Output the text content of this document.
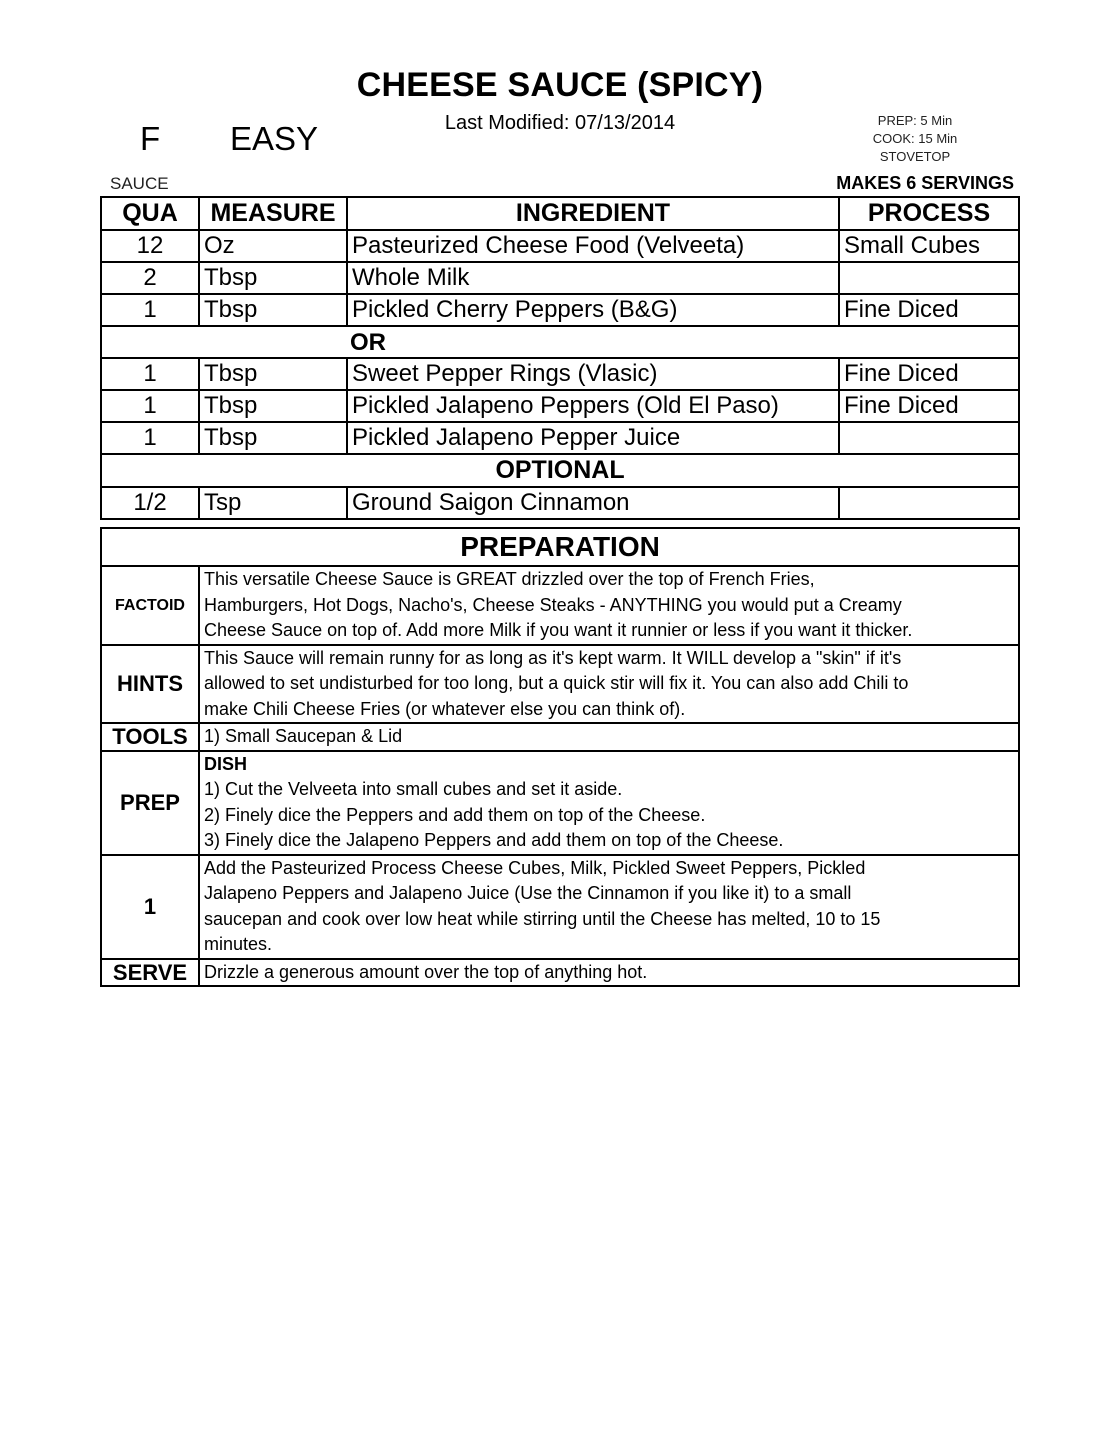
CHEESE SAUCE (SPICY)
Last Modified: 07/13/2014
F EASY	PREP: 5 Min
COOK: 15 Min
STOVETOP
SAUCE	MAKES 6 SERVINGS
QUA	MEASURE	INGREDIENT	PROCESS
12	Oz	Pasteurized Cheese Food (Velveeta)	Small Cubes
2	Tbsp	Whole Milk	
1	Tbsp	Pickled Cherry Peppers (B&G)	Fine Diced
		OR	
1	Tbsp	Sweet Pepper Rings (Vlasic)	Fine Diced
1	Tbsp	Pickled Jalapeno Peppers (Old El Paso)	Fine Diced
1	Tbsp	Pickled Jalapeno Pepper Juice	
OPTIONAL
1/2	Tsp	Ground Saigon Cinnamon	
PREPARATION	
FACTOID	This versatile Cheese Sauce is GREAT drizzled over the top of French Fries,
Hamburgers, Hot Dogs, Nacho's, Cheese Steaks - ANYTHING you would put a Creamy
Cheese Sauce on top of. Add more Milk if you want it runnier or less if you want it thicker.

HINTS	This Sauce will remain runny for as long as it's kept warm. It WILL develop a "skin" if it's
allowed to set undisturbed for too long, but a quick stir will fix it. You can also add Chili to
make Chili Cheese Fries (or whatever else you can think of).

TOOLS	1) Small Saucepan & Lid

PREP	DISH
1) Cut the Velveeta into small cubes and set it aside.
2) Finely dice the Peppers and add them on top of the Cheese.
3) Finely dice the Jalapeno Peppers and add them on top of the Cheese.

1	Add the Pasteurized Process Cheese Cubes, Milk, Pickled Sweet Peppers, Pickled
Jalapeno Peppers and Jalapeno Juice (Use the Cinnamon if you like it) to a small
saucepan and cook over low heat while stirring until the Cheese has melted, 10 to 15
minutes.

SERVE	Drizzle a generous amount over the top of anything hot.
